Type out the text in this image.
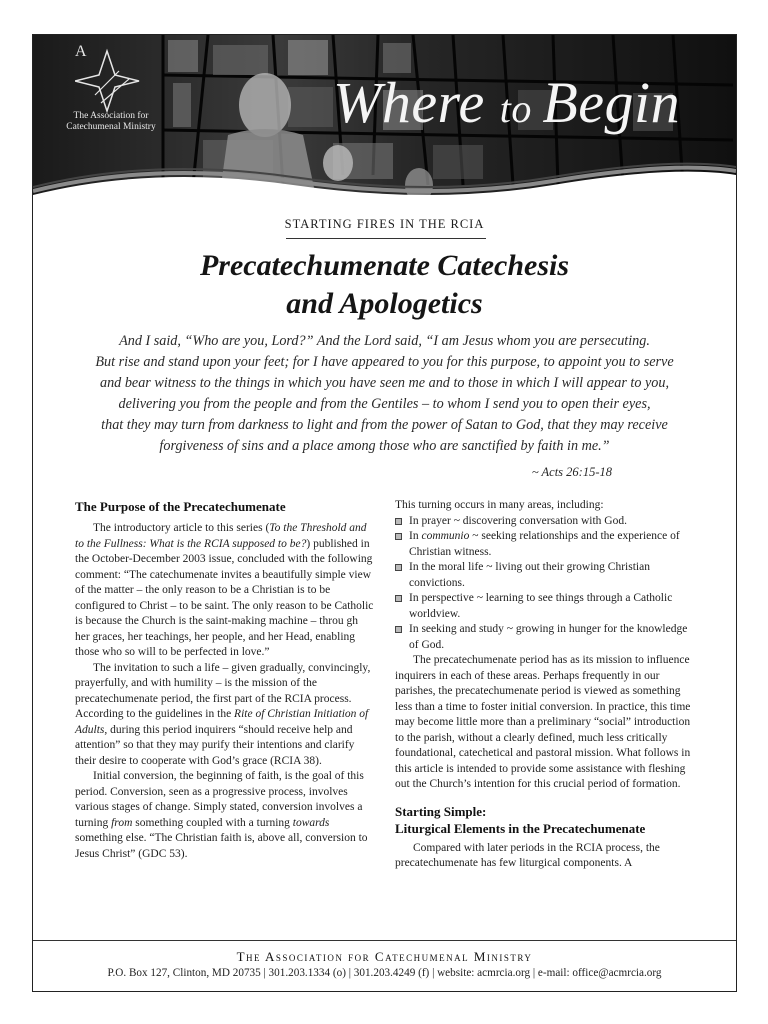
A
The Association for Catechumenal Ministry	Where to Begin
STARTING FIRES IN THE RCIA
Precatechumenate Catechesis
and Apologetics
And I said, “Who are you, Lord?” And the Lord said, “I am Jesus whom you are persecuting.
But rise and stand upon your feet; for I have appeared to you for this purpose, to appoint you to serve
and bear witness to the things in which you have seen me and to those in which I will appear to you,
delivering you from the people and from the Gentiles – to whom I send you to open their eyes,
that they may turn from darkness to light and from the power of Satan to God, that they may receive
forgiveness of sins and a place among those who are sanctified by faith in me.”
~ Acts 26:15-18
The Purpose of the Precatechumenate

The introductory article to this series (To the Threshold and to the Fullness: What is the RCIA supposed to be?) published in the October-December 2003 issue, concluded with the following comment: “The catechumenate invites a beautifully simple view of the matter – the only reason to be a Christian is to be configured to Christ – to be saint. The only reason to be Catholic is because the Church is the saint-making machine – throu gh her graces, her teachings, her people, and her Head, enabling those who so will to be perfected in love.”

The invitation to such a life – given gradually, convincingly, prayerfully, and with humility – is the mission of the precatechumenate period, the first part of the RCIA process. According to the guidelines in the Rite of Christian Initiation of Adults, during this period inquirers “should receive help and attention” so that they may purify their intentions and clarify their desire to cooperate with God’s grace (RCIA 38).

Initial conversion, the beginning of faith, is the goal of this period. Conversion, seen as a progressive process, involves various stages of change. Simply stated, conversion involves a turning from something coupled with a turning towards something else. “The Christian faith is, above all, conversion to Jesus Christ” (GDC 53).

This turning occurs in many areas, including:

In prayer ~ discovering conversation with God.
In communio ~ seeking relationships and the experience of Christian witness.
In the moral life ~ living out their growing Christian convictions.
In perspective ~ learning to see things through a Catholic worldview.
In seeking and study ~ growing in hunger for the knowledge of God.

The precatechumenate period has as its mission to influence inquirers in each of these areas. Perhaps frequently in our parishes, the precatechumenate period is viewed as something less than a time to foster initial conversion. In practice, this time may become little more than a preliminary “social” introduction to the parish, without a clearly defined, much less critically foundational, catechetical and pastoral mission. What follows in this article is intended to provide some assistance with fleshing out the Church’s intention for this crucial period of formation.

Starting Simple:
Liturgical Elements in the Precatechumenate

Compared with later periods in the RCIA process, the precatechumenate has few liturgical components. A

The Association for Catechumenal Ministry
P.O. Box 127, Clinton, MD 20735 | 301.203.1334 (o) | 301.203.4249 (f) | website: acmrcia.org | e-mail: office@acmrcia.org
